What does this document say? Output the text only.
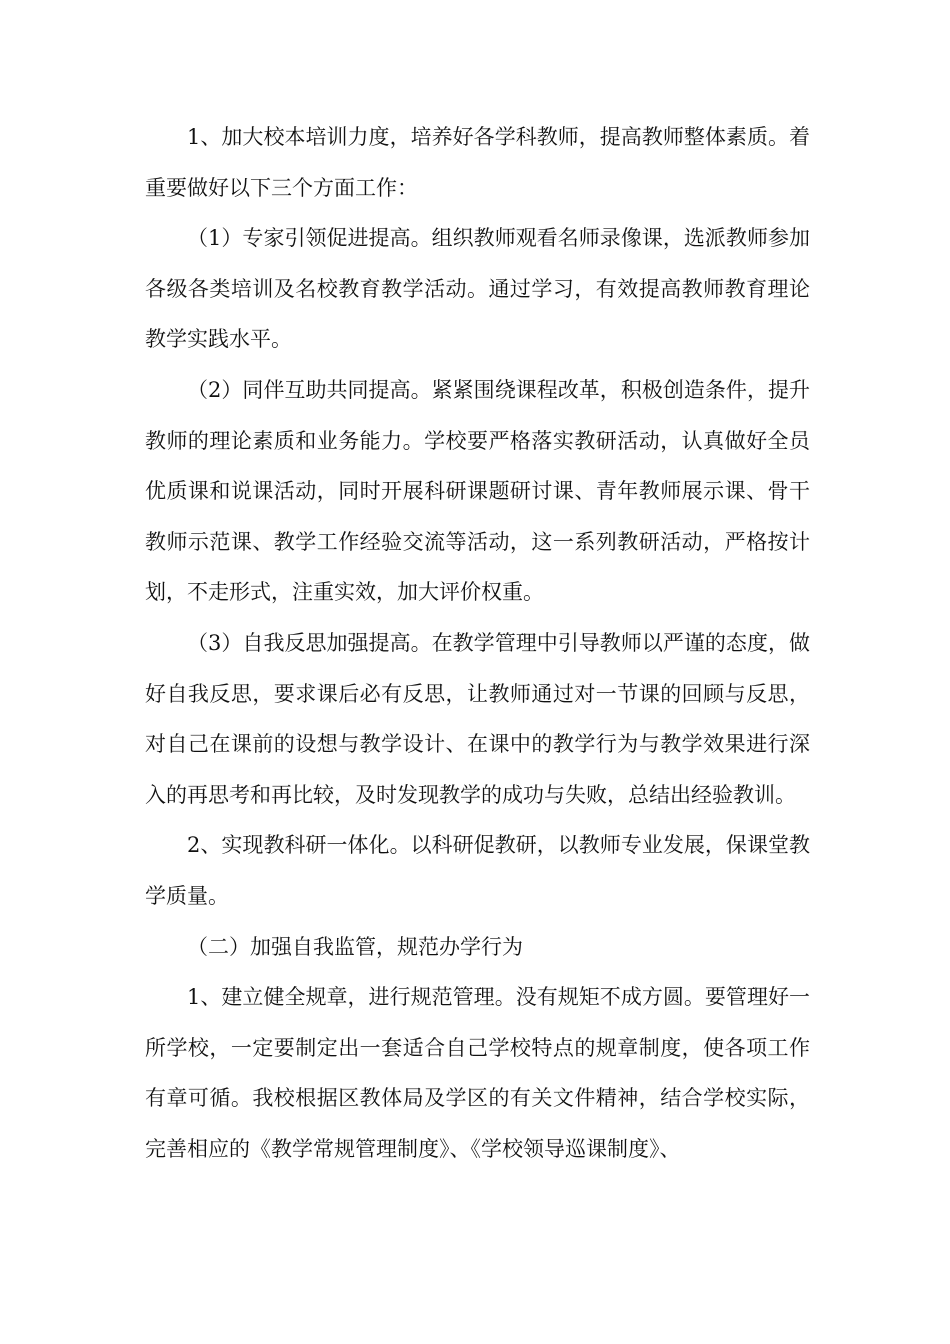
1、加大校本培训力度，培养好各学科教师，提高教师整体素质。着重要做好以下三个方面工作：

（1）专家引领促进提高。组织教师观看名师录像课，选派教师参加各级各类培训及名校教育教学活动。通过学习，有效提高教师教育理论教学实践水平。

（2）同伴互助共同提高。紧紧围绕课程改革，积极创造条件，提升教师的理论素质和业务能力。学校要严格落实教研活动，认真做好全员优质课和说课活动，同时开展科研课题研讨课、青年教师展示课、骨干教师示范课、教学工作经验交流等活动，这一系列教研活动，严格按计划，不走形式，注重实效，加大评价权重。

（3）自我反思加强提高。在教学管理中引导教师以严谨的态度，做好自我反思，要求课后必有反思，让教师通过对一节课的回顾与反思，对自己在课前的设想与教学设计、在课中的教学行为与教学效果进行深入的再思考和再比较，及时发现教学的成功与失败，总结出经验教训。

2、实现教科研一体化。以科研促教研，以教师专业发展，保课堂教学质量。

（二）加强自我监管，规范办学行为

1、建立健全规章，进行规范管理。没有规矩不成方圆。要管理好一所学校，一定要制定出一套适合自己学校特点的规章制度，使各项工作有章可循。我校根据区教体局及学区的有关文件精神，结合学校实际，完善相应的《教学常规管理制度》、《学校领导巡课制度》、
